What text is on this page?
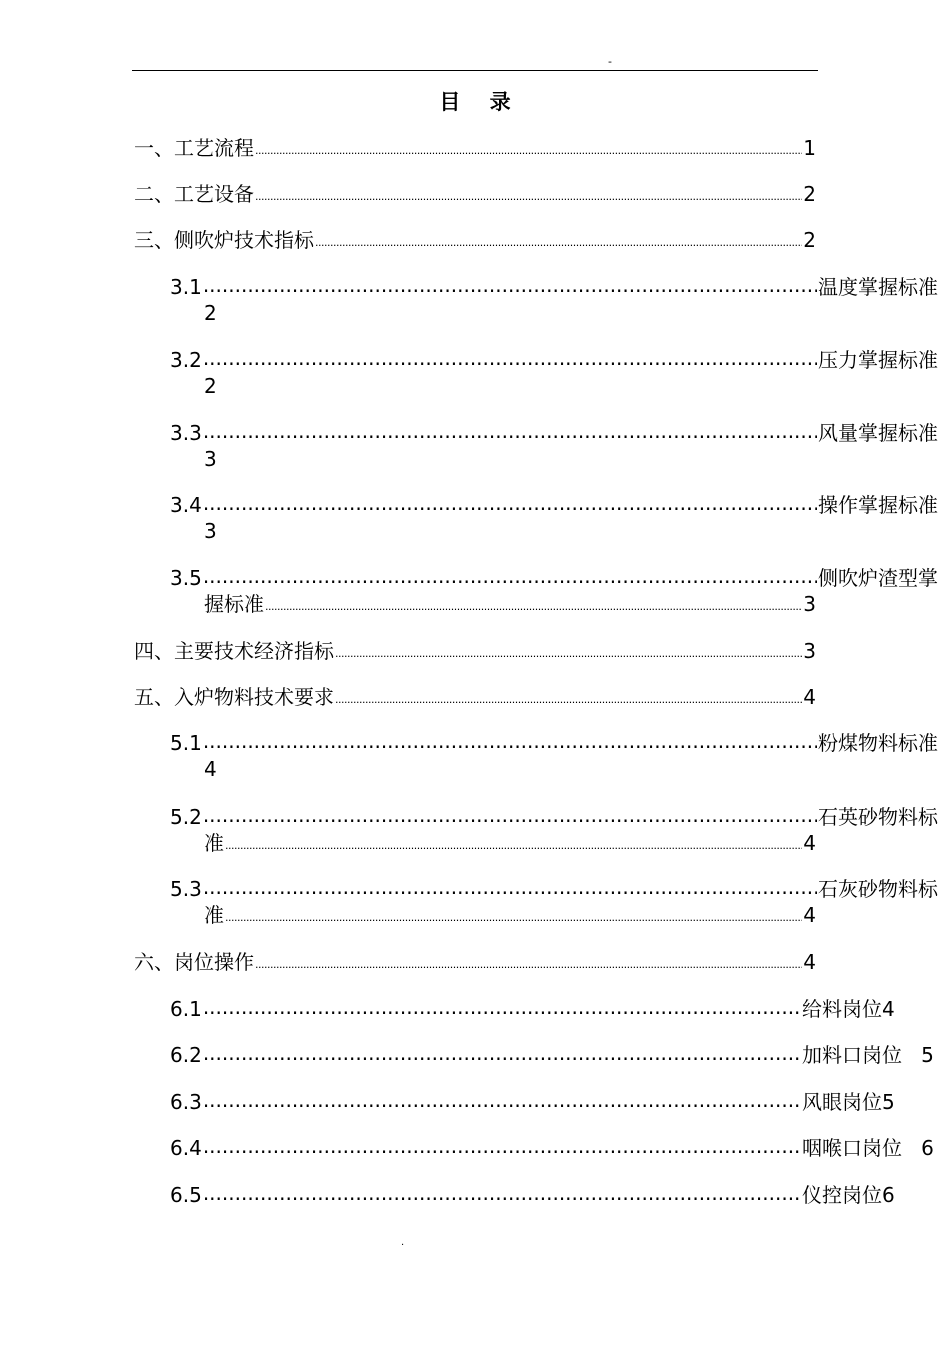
-
目    录
一、工艺流程 .....	1
二、工艺设备 .....	2
三、侧吹炉技术指标 .....	2
3.1 .....	温度掌握标准
2
3.2 .....	压力掌握标准
2
3.3 .....	风量掌握标准
3
3.4 .....	操作掌握标准
3
3.5 .....	侧吹炉渣型掌
握标准 .....	3
四、主要技术经济指标 .....	3
五、入炉物料技术要求 .....	4
5.1 .....	粉煤物料标准
4
5.2 .....	石英砂物料标
准 .....	4
5.3 .....	石灰砂物料标
准 .....	4
六、岗位操作 .....	4
6.1 .....	给料岗位4
6.2 .....	加料口岗位   5
6.3 .....	风眼岗位5
6.4 .....	咽喉口岗位   6
6.5 .....	仪控岗位6
.
